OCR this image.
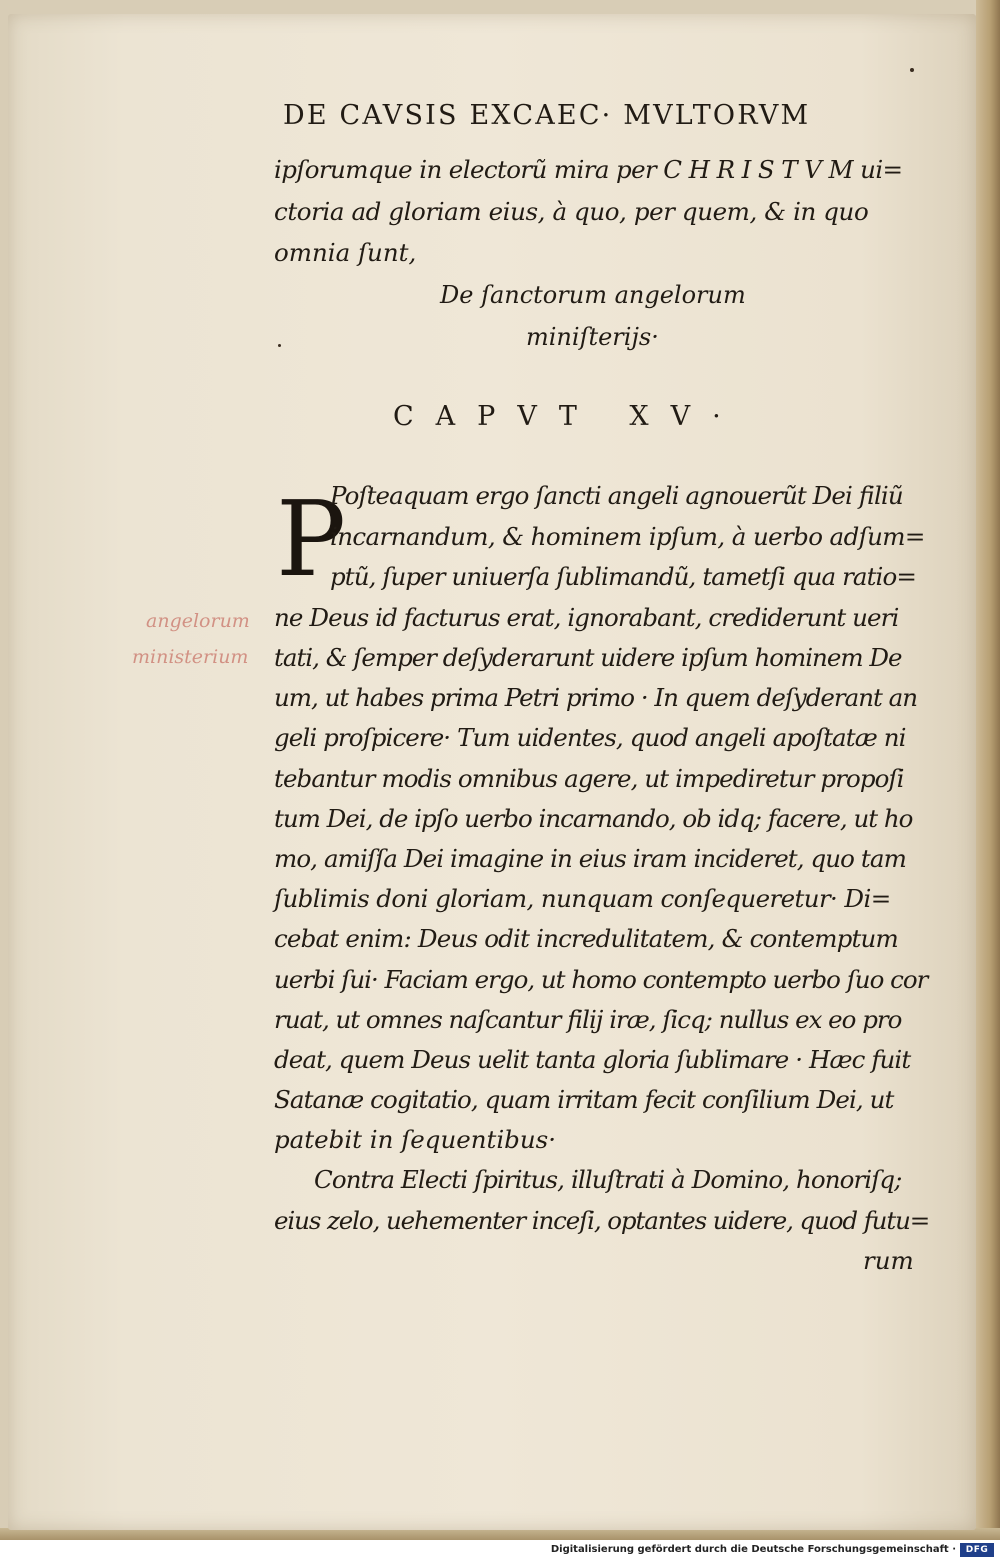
DE CAVSIS EXCAEC· MVLTORVM
ipſorumque in electorũ mira per C H R I S T V M ui=
ctoria ad gloriam eius, à quo, per quem, & in quo
omnia ſunt,
De ſanctorum angelorum
miniſterijs·
CAPVT XV·
P
Poſteaquam ergo ſancti angeli agnouerũt Dei filiũ
incarnandum, & hominem ipſum, à uerbo adſum=
ptũ, ſuper uniuerſa ſublimandũ, tametſi qua ratio=
ne Deus id facturus erat, ignorabant, crediderunt ueri
tati, & ſemper deſyderarunt uidere ipſum hominem De
um, ut habes prima Petri primo · In quem deſyderant an
geli proſpicere· Tum uidentes, quod angeli apoſtatæ ni
tebantur modis omnibus agere, ut impediretur propoſi
tum Dei, de ipſo uerbo incarnando, ob idq; facere, ut ho
mo, amiſſa Dei imagine in eius iram incideret, quo tam
ſublimis doni gloriam, nunquam conſequeretur· Di=
cebat enim: Deus odit incredulitatem, & contemptum
uerbi ſui· Faciam ergo, ut homo contempto uerbo ſuo cor
ruat, ut omnes naſcantur filij iræ, ſicq; nullus ex eo pro
deat, quem Deus uelit tanta gloria ſublimare · Hæc fuit
Satanæ cogitatio, quam irritam fecit conſilium Dei, ut
patebit in ſequentibus·
Contra Electi ſpiritus, illuſtrati à Domino, honoriſq;
eius zelo, uehementer inceſi, optantes uidere, quod futu=
rum
angelorum
ministerium
Digitalisierung gefördert durch die Deutsche Forschungsgemeinschaft ·	DFG
